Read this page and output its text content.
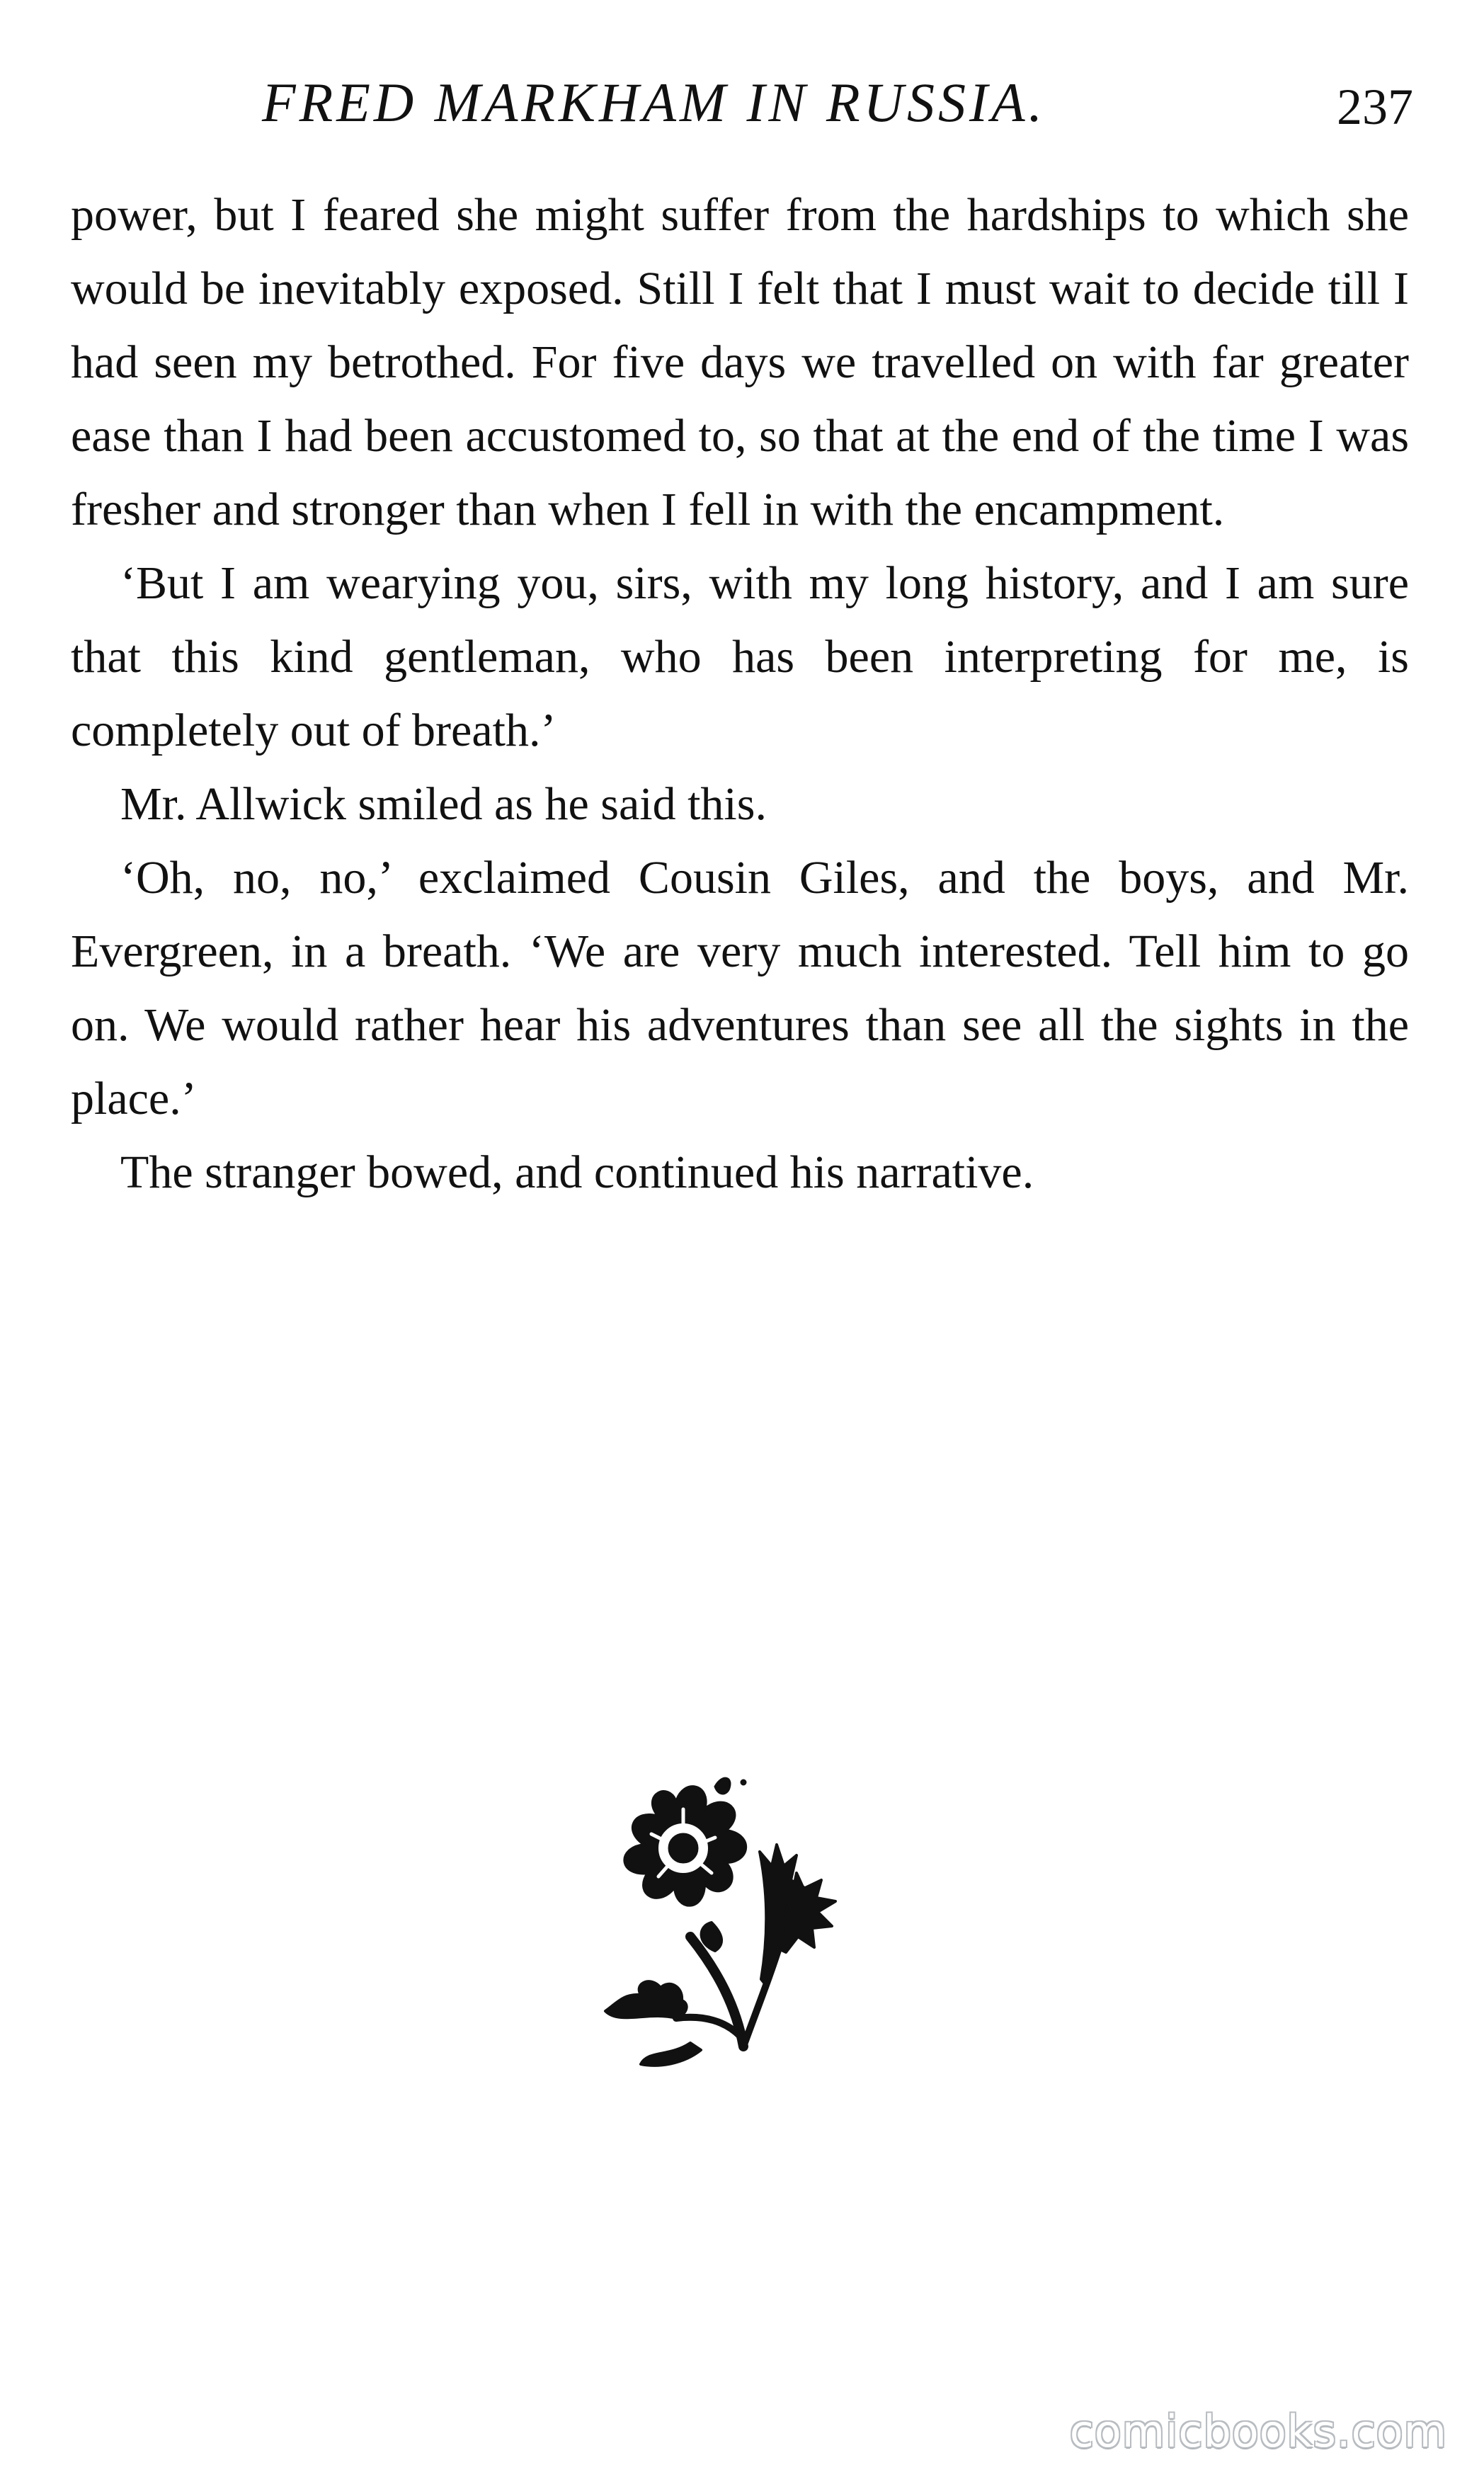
FRED MARKHAM IN RUSSIA.	237

power, but I feared she might suffer from the hardships to which she would be inevitably exposed. Still I felt that I must wait to decide till I had seen my betrothed. For five days we travelled on with far greater ease than I had been accustomed to, so that at the end of the time I was fresher and stronger than when I fell in with the encampment.

‘But I am wearying you, sirs, with my long history, and I am sure that this kind gentleman, who has been interpreting for me, is completely out of breath.’

Mr. Allwick smiled as he said this.

‘Oh, no, no,’ exclaimed Cousin Giles, and the boys, and Mr. Evergreen, in a breath. ‘We are very much interested. Tell him to go on. We would rather hear his adventures than see all the sights in the place.’

The stranger bowed, and continued his narrative.

comicbooks.com
